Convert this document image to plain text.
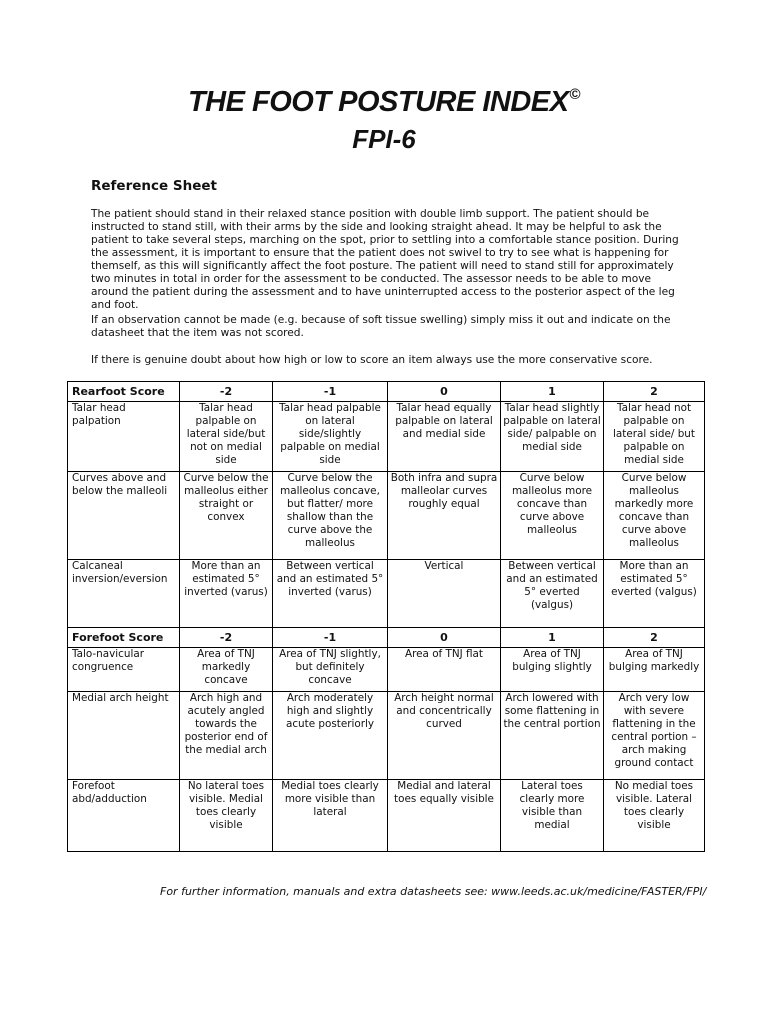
THE FOOT POSTURE INDEX©
FPI-6
Reference Sheet

The patient should stand in their relaxed stance position with double limb support. The patient should be instructed to stand still, with their arms by the side and looking straight ahead. It may be helpful to ask the patient to take several steps, marching on the spot, prior to settling into a comfortable stance position. During the assessment, it is important to ensure that the patient does not swivel to try to see what is happening for themself, as this will significantly affect the foot posture. The patient will need to stand still for approximately two minutes in total in order for the assessment to be conducted. The assessor needs to be able to move around the patient during the assessment and to have uninterrupted access to the posterior aspect of the leg and foot.

If an observation cannot be made (e.g. because of soft tissue swelling) simply miss it out and indicate on the datasheet that the item was not scored.

If there is genuine doubt about how high or low to score an item always use the more conservative score.

Rearfoot Score	-2	-1	0	1	2
Talar head palpation	Talar head palpable on lateral side/but not on medial side	Talar head palpable on lateral side/slightly palpable on medial side	Talar head equally palpable on lateral and medial side	Talar head slightly palpable on lateral side/ palpable on medial side	Talar head not palpable on lateral side/ but palpable on medial side
Curves above and below the malleoli	Curve below the malleolus either straight or convex	Curve below the malleolus concave, but flatter/ more shallow than the curve above the malleolus	Both infra and supra malleolar curves roughly equal	Curve below malleolus more concave than curve above malleolus	Curve below malleolus markedly more concave than curve above malleolus
Calcaneal inversion/eversion	More than an estimated 5° inverted (varus)	Between vertical and an estimated 5° inverted (varus)	Vertical	Between vertical and an estimated 5° everted (valgus)	More than an estimated 5° everted (valgus)
Forefoot Score	-2	-1	0	1	2
Talo-navicular congruence	Area of TNJ markedly concave	Area of TNJ slightly, but definitely concave	Area of TNJ flat	Area of TNJ bulging slightly	Area of TNJ bulging markedly
Medial arch height	Arch high and acutely angled towards the posterior end of the medial arch	Arch moderately high and slightly acute posteriorly	Arch height normal and concentrically curved	Arch lowered with some flattening in the central portion	Arch very low with severe flattening in the central portion – arch making ground contact
Forefoot abd/adduction	No lateral toes visible. Medial toes clearly visible	Medial toes clearly more visible than lateral	Medial and lateral toes equally visible	Lateral toes clearly more visible than medial	No medial toes visible. Lateral toes clearly visible
For further information, manuals and extra datasheets see: www.leeds.ac.uk/medicine/FASTER/FPI/
